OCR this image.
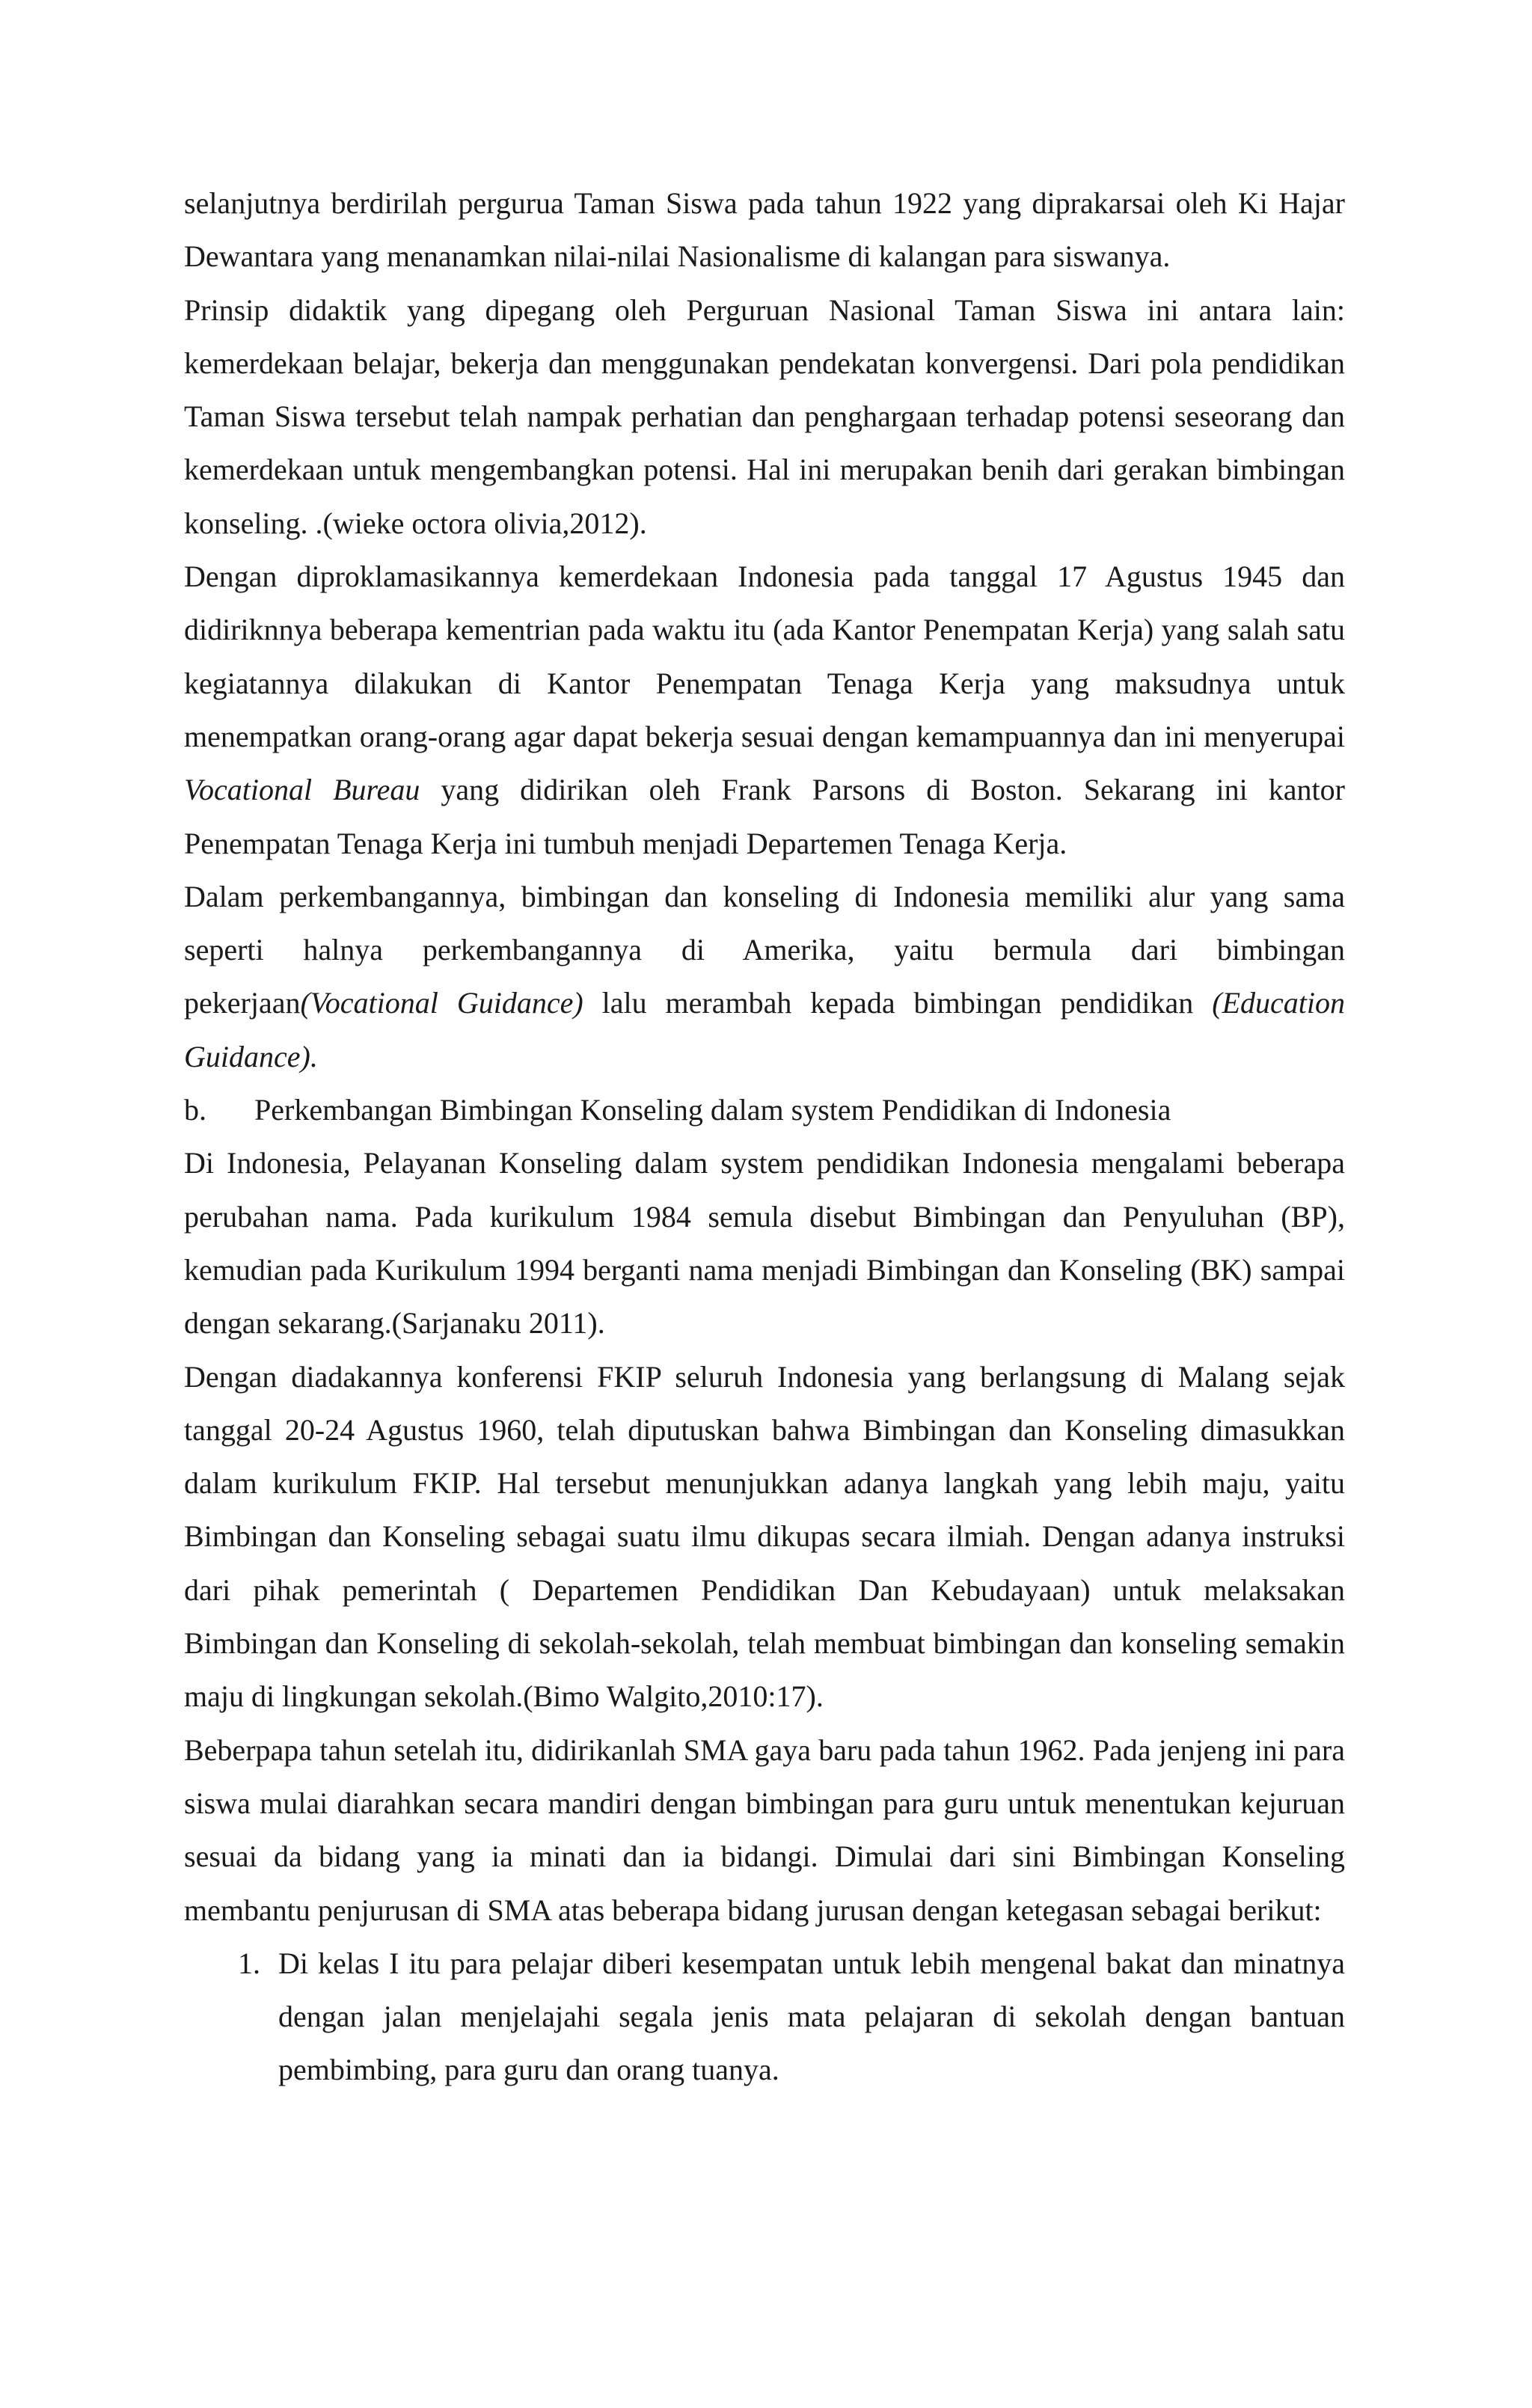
selanjutnya berdirilah pergurua Taman Siswa pada tahun 1922 yang diprakarsai oleh Ki Hajar Dewantara yang menanamkan nilai-nilai Nasionalisme di kalangan para siswanya.

Prinsip didaktik yang dipegang oleh Perguruan Nasional Taman Siswa ini antara lain: kemerdekaan belajar, bekerja dan menggunakan pendekatan konvergensi. Dari pola pendidikan Taman Siswa tersebut telah nampak perhatian dan penghargaan terhadap potensi seseorang dan kemerdekaan untuk mengembangkan potensi. Hal ini merupakan benih dari gerakan bimbingan konseling. .(wieke octora olivia,2012).

Dengan diproklamasikannya kemerdekaan Indonesia pada tanggal 17 Agustus 1945 dan didiriknnya beberapa kementrian pada waktu itu (ada Kantor Penempatan Kerja) yang salah satu kegiatannya dilakukan di Kantor Penempatan Tenaga Kerja yang maksudnya untuk menempatkan orang-orang agar dapat bekerja sesuai dengan kemampuannya dan ini menyerupai Vocational Bureau yang didirikan oleh Frank Parsons di Boston. Sekarang ini kantor Penempatan Tenaga Kerja ini tumbuh menjadi Departemen Tenaga Kerja.

Dalam perkembangannya, bimbingan dan konseling di Indonesia memiliki alur yang sama seperti halnya perkembangannya di Amerika, yaitu bermula dari bimbingan pekerjaan(Vocational Guidance) lalu merambah kepada bimbingan pendidikan (Education Guidance).

b.	Perkembangan Bimbingan Konseling dalam system Pendidikan di Indonesia

Di Indonesia, Pelayanan Konseling dalam system pendidikan Indonesia mengalami beberapa perubahan nama. Pada kurikulum 1984 semula disebut Bimbingan dan Penyuluhan (BP), kemudian pada Kurikulum 1994 berganti nama menjadi Bimbingan dan Konseling (BK) sampai dengan sekarang.(Sarjanaku 2011).

Dengan diadakannya konferensi FKIP seluruh Indonesia yang berlangsung di Malang sejak tanggal 20-24 Agustus 1960, telah diputuskan bahwa Bimbingan dan Konseling dimasukkan dalam kurikulum FKIP. Hal tersebut menunjukkan adanya langkah yang lebih maju, yaitu Bimbingan dan Konseling sebagai suatu ilmu dikupas secara ilmiah. Dengan adanya instruksi dari pihak pemerintah ( Departemen Pendidikan Dan Kebudayaan) untuk melaksakan Bimbingan dan Konseling di sekolah-sekolah, telah membuat bimbingan dan konseling semakin maju di lingkungan sekolah.(Bimo Walgito,2010:17).

Beberpapa tahun setelah itu, didirikanlah SMA gaya baru pada tahun 1962. Pada jenjeng ini para siswa mulai diarahkan secara mandiri dengan bimbingan para guru untuk menentukan kejuruan sesuai da bidang yang ia minati dan ia bidangi. Dimulai dari sini Bimbingan Konseling membantu penjurusan di SMA atas beberapa bidang jurusan dengan ketegasan sebagai berikut:

1. Di kelas I itu para pelajar diberi kesempatan untuk lebih mengenal bakat dan minatnya dengan jalan menjelajahi segala jenis mata pelajaran di sekolah dengan bantuan pembimbing, para guru dan orang tuanya.
